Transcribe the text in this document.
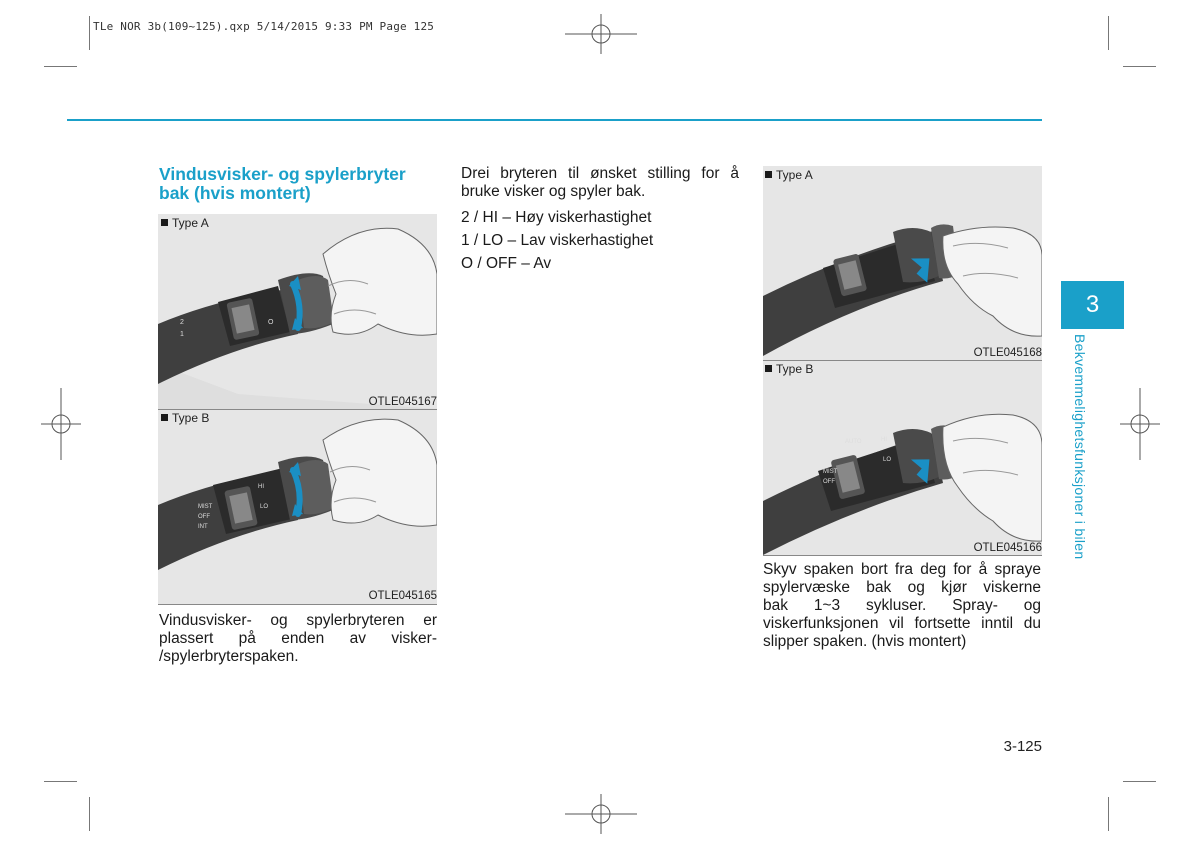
TLe NOR 3b(109~125).qxp 5/14/2015 9:33 PM Page 125
Vindusvisker- og spylerbryter
bak (hvis montert)
2
1
O
Type A
OTLE045167
MIST
OFF
INT
HI
LO
Type B
OTLE045165

Vindusvisker- og spylerbryteren er

plassert på enden av visker-

/spylerbryterspaken.

Drei bryteren til ønsket stilling for å

bruke visker og spyler bak.

2 / HI – Høy viskerhastighet

1 / LO – Lav viskerhastighet

O / OFF – Av

Type A
OTLE045168
AUTO	HI
LO
MIST
OFF
Type B
OTLE045166

Skyv spaken bort fra deg for å spraye

spylervæske bak og kjør viskerne

bak 1~3 sykluser. Spray- og

viskerfunksjonen vil fortsette inntil du

slipper spaken. (hvis montert)

3
Bekvemmelighetsfunksjoner i bilen
3-125
